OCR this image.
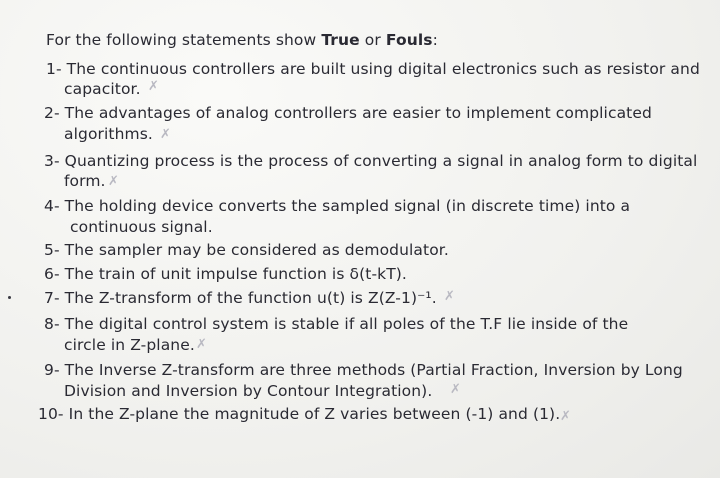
For the following statements show True or Fouls:
1- The continuous controllers are built using digital electronics such as resistor and
capacitor. ✗
2- The advantages of analog controllers are easier to implement complicated
algorithms. ✗
3- Quantizing process is the process of converting a signal in analog form to digital
form. ✗
4- The holding device converts the sampled signal (in discrete time) into a
continuous signal.
5- The sampler may be considered as demodulator.
6- The train of unit impulse function is δ(t-kT).
7- The Z-transform of the function u(t) is Z(Z-1)⁻¹. ✗
8- The digital control system is stable if all poles of the T.F lie inside of the
circle in Z-plane. ✗
9- The Inverse Z-transform are three methods (Partial Fraction, Inversion by Long
Division and Inversion by Contour Integration). ✗
10- In the Z-plane the magnitude of Z varies between (-1) and (1). ✗
